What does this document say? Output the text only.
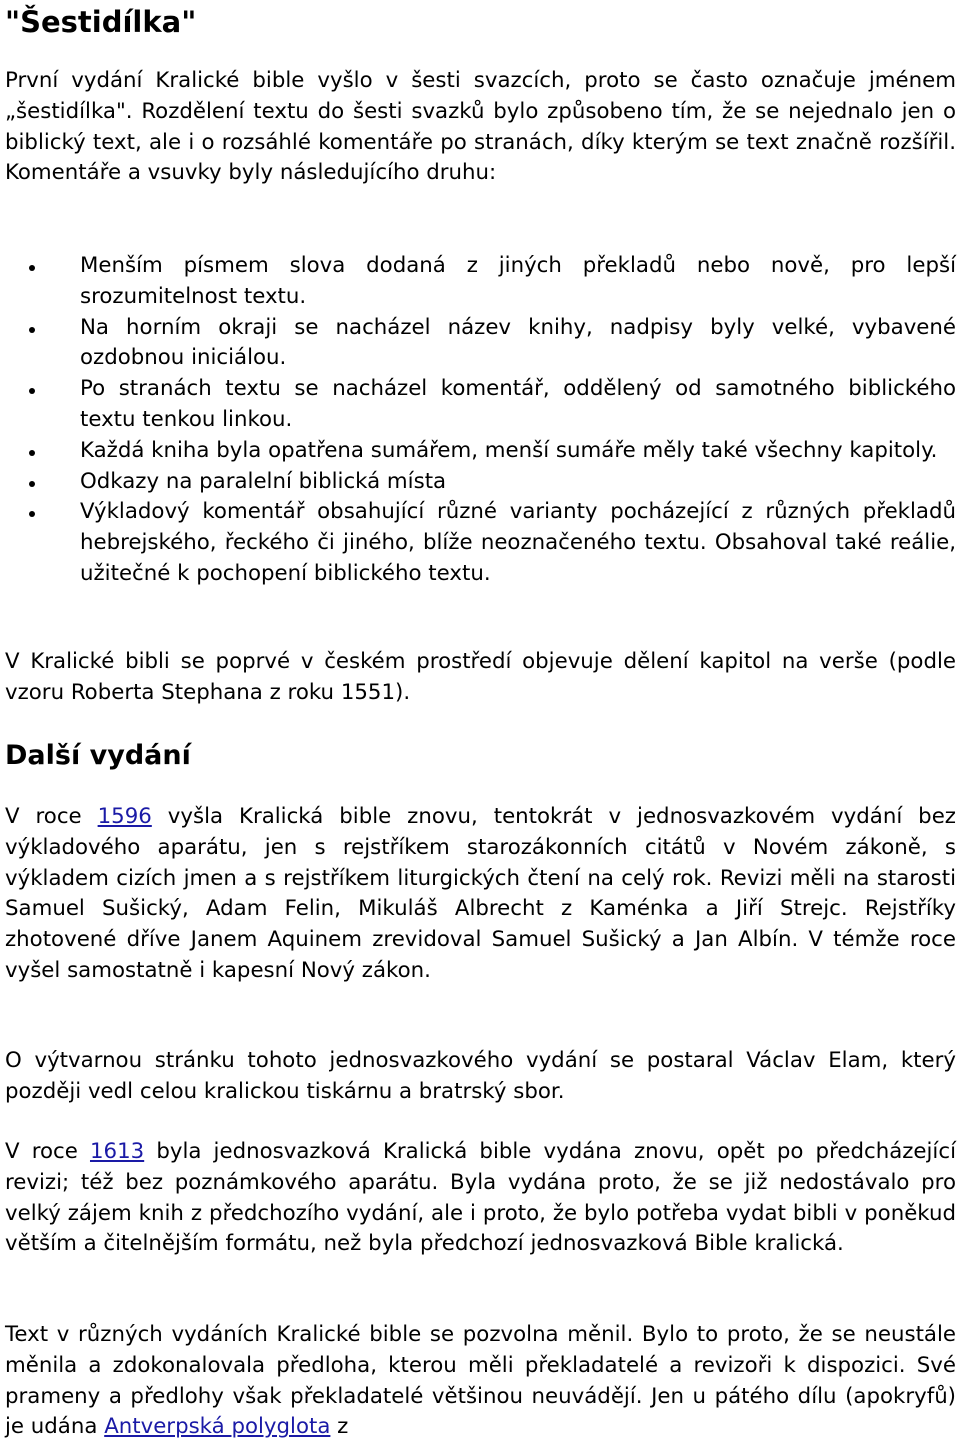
"Šestidílka"

První vydání Kralické bible vyšlo v šesti svazcích, proto se často označuje jménem „šestidílka". Rozdělení textu do šesti svazků bylo způsobeno tím, že se nejednalo jen o biblický text, ale i o rozsáhlé komentáře po stranách, díky kterým se text značně rozšířil. Komentáře a vsuvky byly následujícího druhu:

Menším písmem slova dodaná z jiných překladů nebo nově, pro lepší srozumitelnost textu.
Na horním okraji se nacházel název knihy, nadpisy byly velké, vybavené ozdobnou iniciálou.
Po stranách textu se nacházel komentář, oddělený od samotného biblického textu tenkou linkou.
Každá kniha byla opatřena sumářem, menší sumáře měly také všechny kapitoly.
Odkazy na paralelní biblická místa
Výkladový komentář obsahující různé varianty pocházející z různých překladů hebrejského, řeckého či jiného, blíže neoznačeného textu. Obsahoval také reálie, užitečné k pochopení biblického textu.

V Kralické bibli se poprvé v českém prostředí objevuje dělení kapitol na verše (podle vzoru Roberta Stephana z roku 1551).

Další vydání

V roce 1596 vyšla Kralická bible znovu, tentokrát v jednosvazkovém vydání bez výkladového aparátu, jen s rejstříkem starozákonních citátů v Novém zákoně, s výkladem cizích jmen a s rejstříkem liturgických čtení na celý rok. Revizi měli na starosti Samuel Sušický, Adam Felin, Mikuláš Albrecht z Kaménka a Jiří Strejc. Rejstříky zhotovené dříve Janem Aquinem zrevidoval Samuel Sušický a Jan Albín. V témže roce vyšel samostatně i kapesní Nový zákon.

O výtvarnou stránku tohoto jednosvazkového vydání se postaral Václav Elam, který později vedl celou kralickou tiskárnu a bratrský sbor.

V roce 1613 byla jednosvazková Kralická bible vydána znovu, opět po předcházející revizi; též bez poznámkového aparátu. Byla vydána proto, že se již nedostávalo pro velký zájem knih z předchozího vydání, ale i proto, že bylo potřeba vydat bibli v poněkud větším a čitelnějším formátu, než byla předchozí jednosvazková Bible kralická.

Text v různých vydáních Kralické bible se pozvolna měnil. Bylo to proto, že se neustále měnila a zdokonalovala předloha, kterou měli překladatelé a revizoři k dispozici. Své prameny a předlohy však překladatelé většinou neuvádějí. Jen u pátého dílu (apokryfů) je udána Antverpská polyglota z
